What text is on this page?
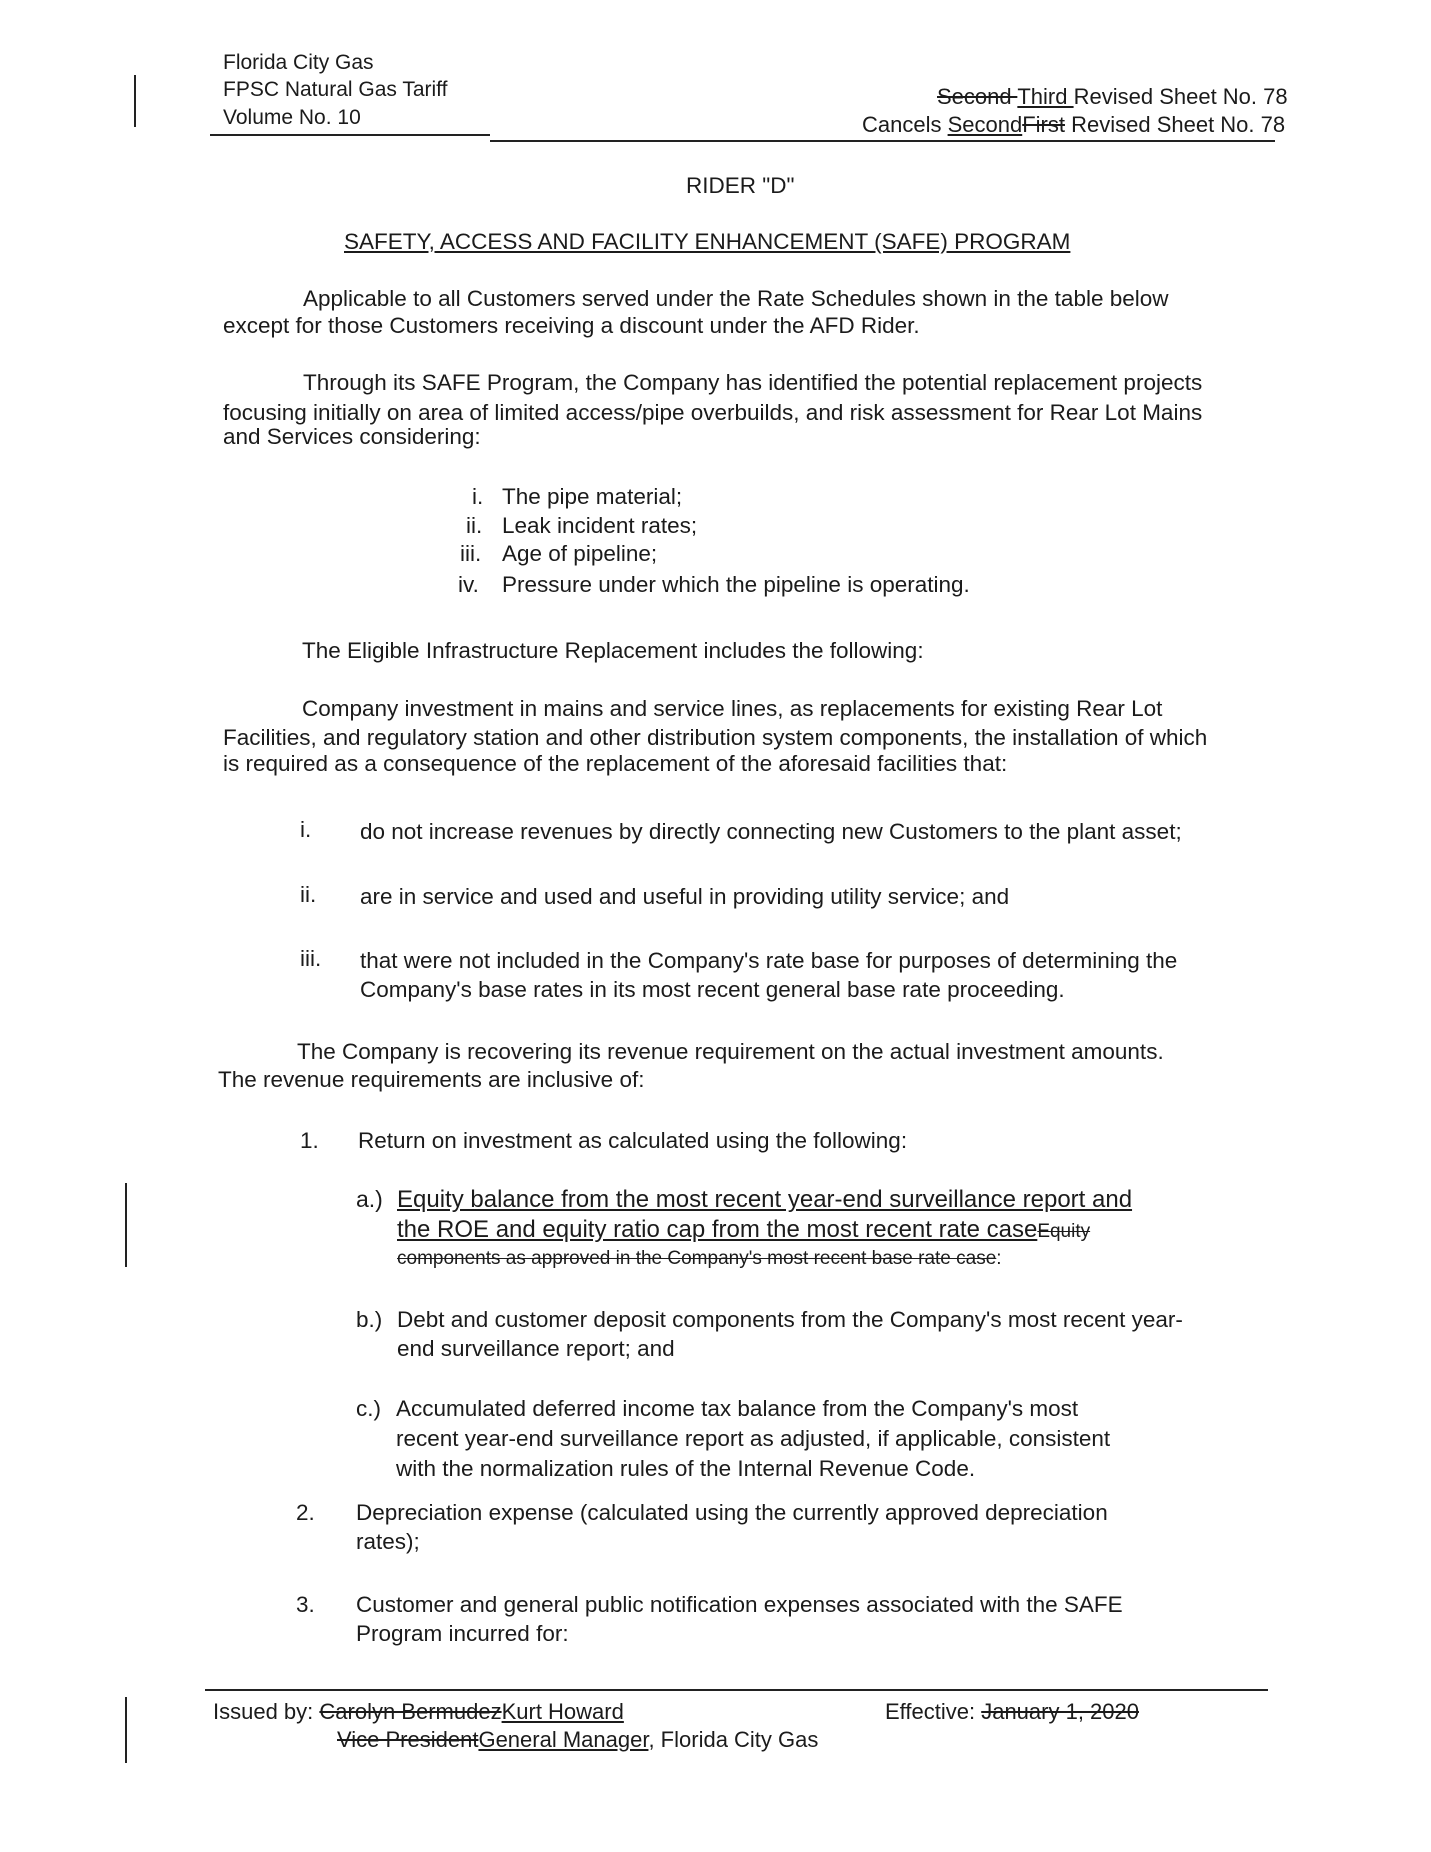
Florida City Gas
FPSC Natural Gas Tariff
Volume No. 10
Second Third Revised Sheet No. 78
Cancels SecondFirst Revised Sheet No. 78
RIDER "D"
SAFETY, ACCESS AND FACILITY ENHANCEMENT (SAFE) PROGRAM
Applicable to all Customers served under the Rate Schedules shown in the table below
except for those Customers receiving a discount under the AFD Rider.
Through its SAFE Program, the Company has identified the potential replacement projects
focusing initially on area of limited access/pipe overbuilds, and risk assessment for Rear Lot Mains
and Services considering:
i. The pipe material;
ii. Leak incident rates;
iii. Age of pipeline;
iv. Pressure under which the pipeline is operating.
The Eligible Infrastructure Replacement includes the following:
Company investment in mains and service lines, as replacements for existing Rear Lot
Facilities, and regulatory station and other distribution system components, the installation of which
is required as a consequence of the replacement of the aforesaid facilities that:
i. do not increase revenues by directly connecting new Customers to the plant asset;
ii. are in service and used and useful in providing utility service; and
iii. that were not included in the Company's rate base for purposes of determining the
Company's base rates in its most recent general base rate proceeding.
The Company is recovering its revenue requirement on the actual investment amounts.
The revenue requirements are inclusive of:
1. Return on investment as calculated using the following:
a.) Equity balance from the most recent year-end surveillance report and
the ROE and equity ratio cap from the most recent rate caseEquity
components as approved in the Company's most recent base rate case:
b.) Debt and customer deposit components from the Company's most recent year-
end surveillance report; and
c.) Accumulated deferred income tax balance from the Company's most
recent year-end surveillance report as adjusted, if applicable, consistent
with the normalization rules of the Internal Revenue Code.
2. Depreciation expense (calculated using the currently approved depreciation
rates);
3. Customer and general public notification expenses associated with the SAFE
Program incurred for:
Issued by: Carolyn BermudezKurt Howard
Vice PresidentGeneral Manager, Florida City Gas
Effective: January 1, 2020
